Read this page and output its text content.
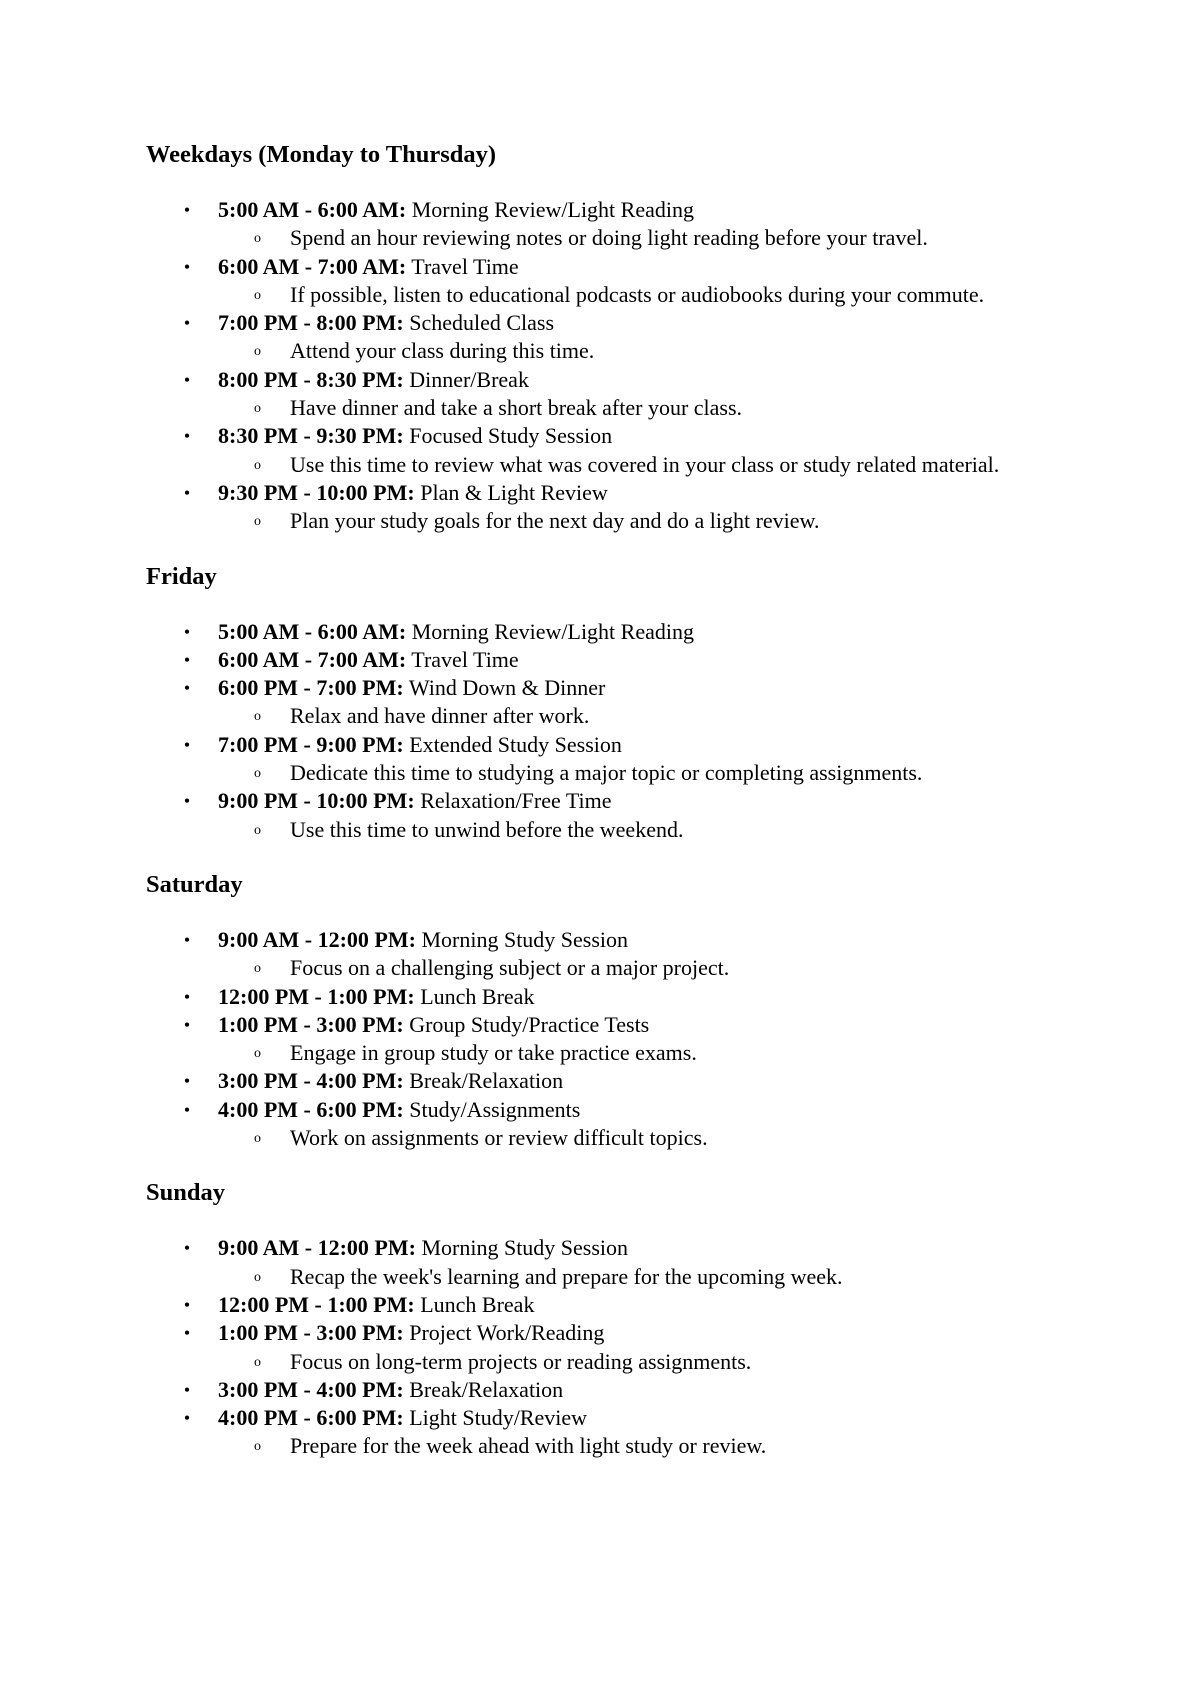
Weekdays (Monday to Thursday)
• 5:00 AM - 6:00 AM: Morning Review/Light Reading
o Spend an hour reviewing notes or doing light reading before your travel.
• 6:00 AM - 7:00 AM: Travel Time
o If possible, listen to educational podcasts or audiobooks during your commute.
• 7:00 PM - 8:00 PM: Scheduled Class
o Attend your class during this time.
• 8:00 PM - 8:30 PM: Dinner/Break
o Have dinner and take a short break after your class.
• 8:30 PM - 9:30 PM: Focused Study Session
o Use this time to review what was covered in your class or study related material.
• 9:30 PM - 10:00 PM: Plan & Light Review
o Plan your study goals for the next day and do a light review.
Friday
• 5:00 AM - 6:00 AM: Morning Review/Light Reading
• 6:00 AM - 7:00 AM: Travel Time
• 6:00 PM - 7:00 PM: Wind Down & Dinner
o Relax and have dinner after work.
• 7:00 PM - 9:00 PM: Extended Study Session
o Dedicate this time to studying a major topic or completing assignments.
• 9:00 PM - 10:00 PM: Relaxation/Free Time
o Use this time to unwind before the weekend.
Saturday
• 9:00 AM - 12:00 PM: Morning Study Session
o Focus on a challenging subject or a major project.
• 12:00 PM - 1:00 PM: Lunch Break
• 1:00 PM - 3:00 PM: Group Study/Practice Tests
o Engage in group study or take practice exams.
• 3:00 PM - 4:00 PM: Break/Relaxation
• 4:00 PM - 6:00 PM: Study/Assignments
o Work on assignments or review difficult topics.
Sunday
• 9:00 AM - 12:00 PM: Morning Study Session
o Recap the week's learning and prepare for the upcoming week.
• 12:00 PM - 1:00 PM: Lunch Break
• 1:00 PM - 3:00 PM: Project Work/Reading
o Focus on long-term projects or reading assignments.
• 3:00 PM - 4:00 PM: Break/Relaxation
• 4:00 PM - 6:00 PM: Light Study/Review
o Prepare for the week ahead with light study or review.
